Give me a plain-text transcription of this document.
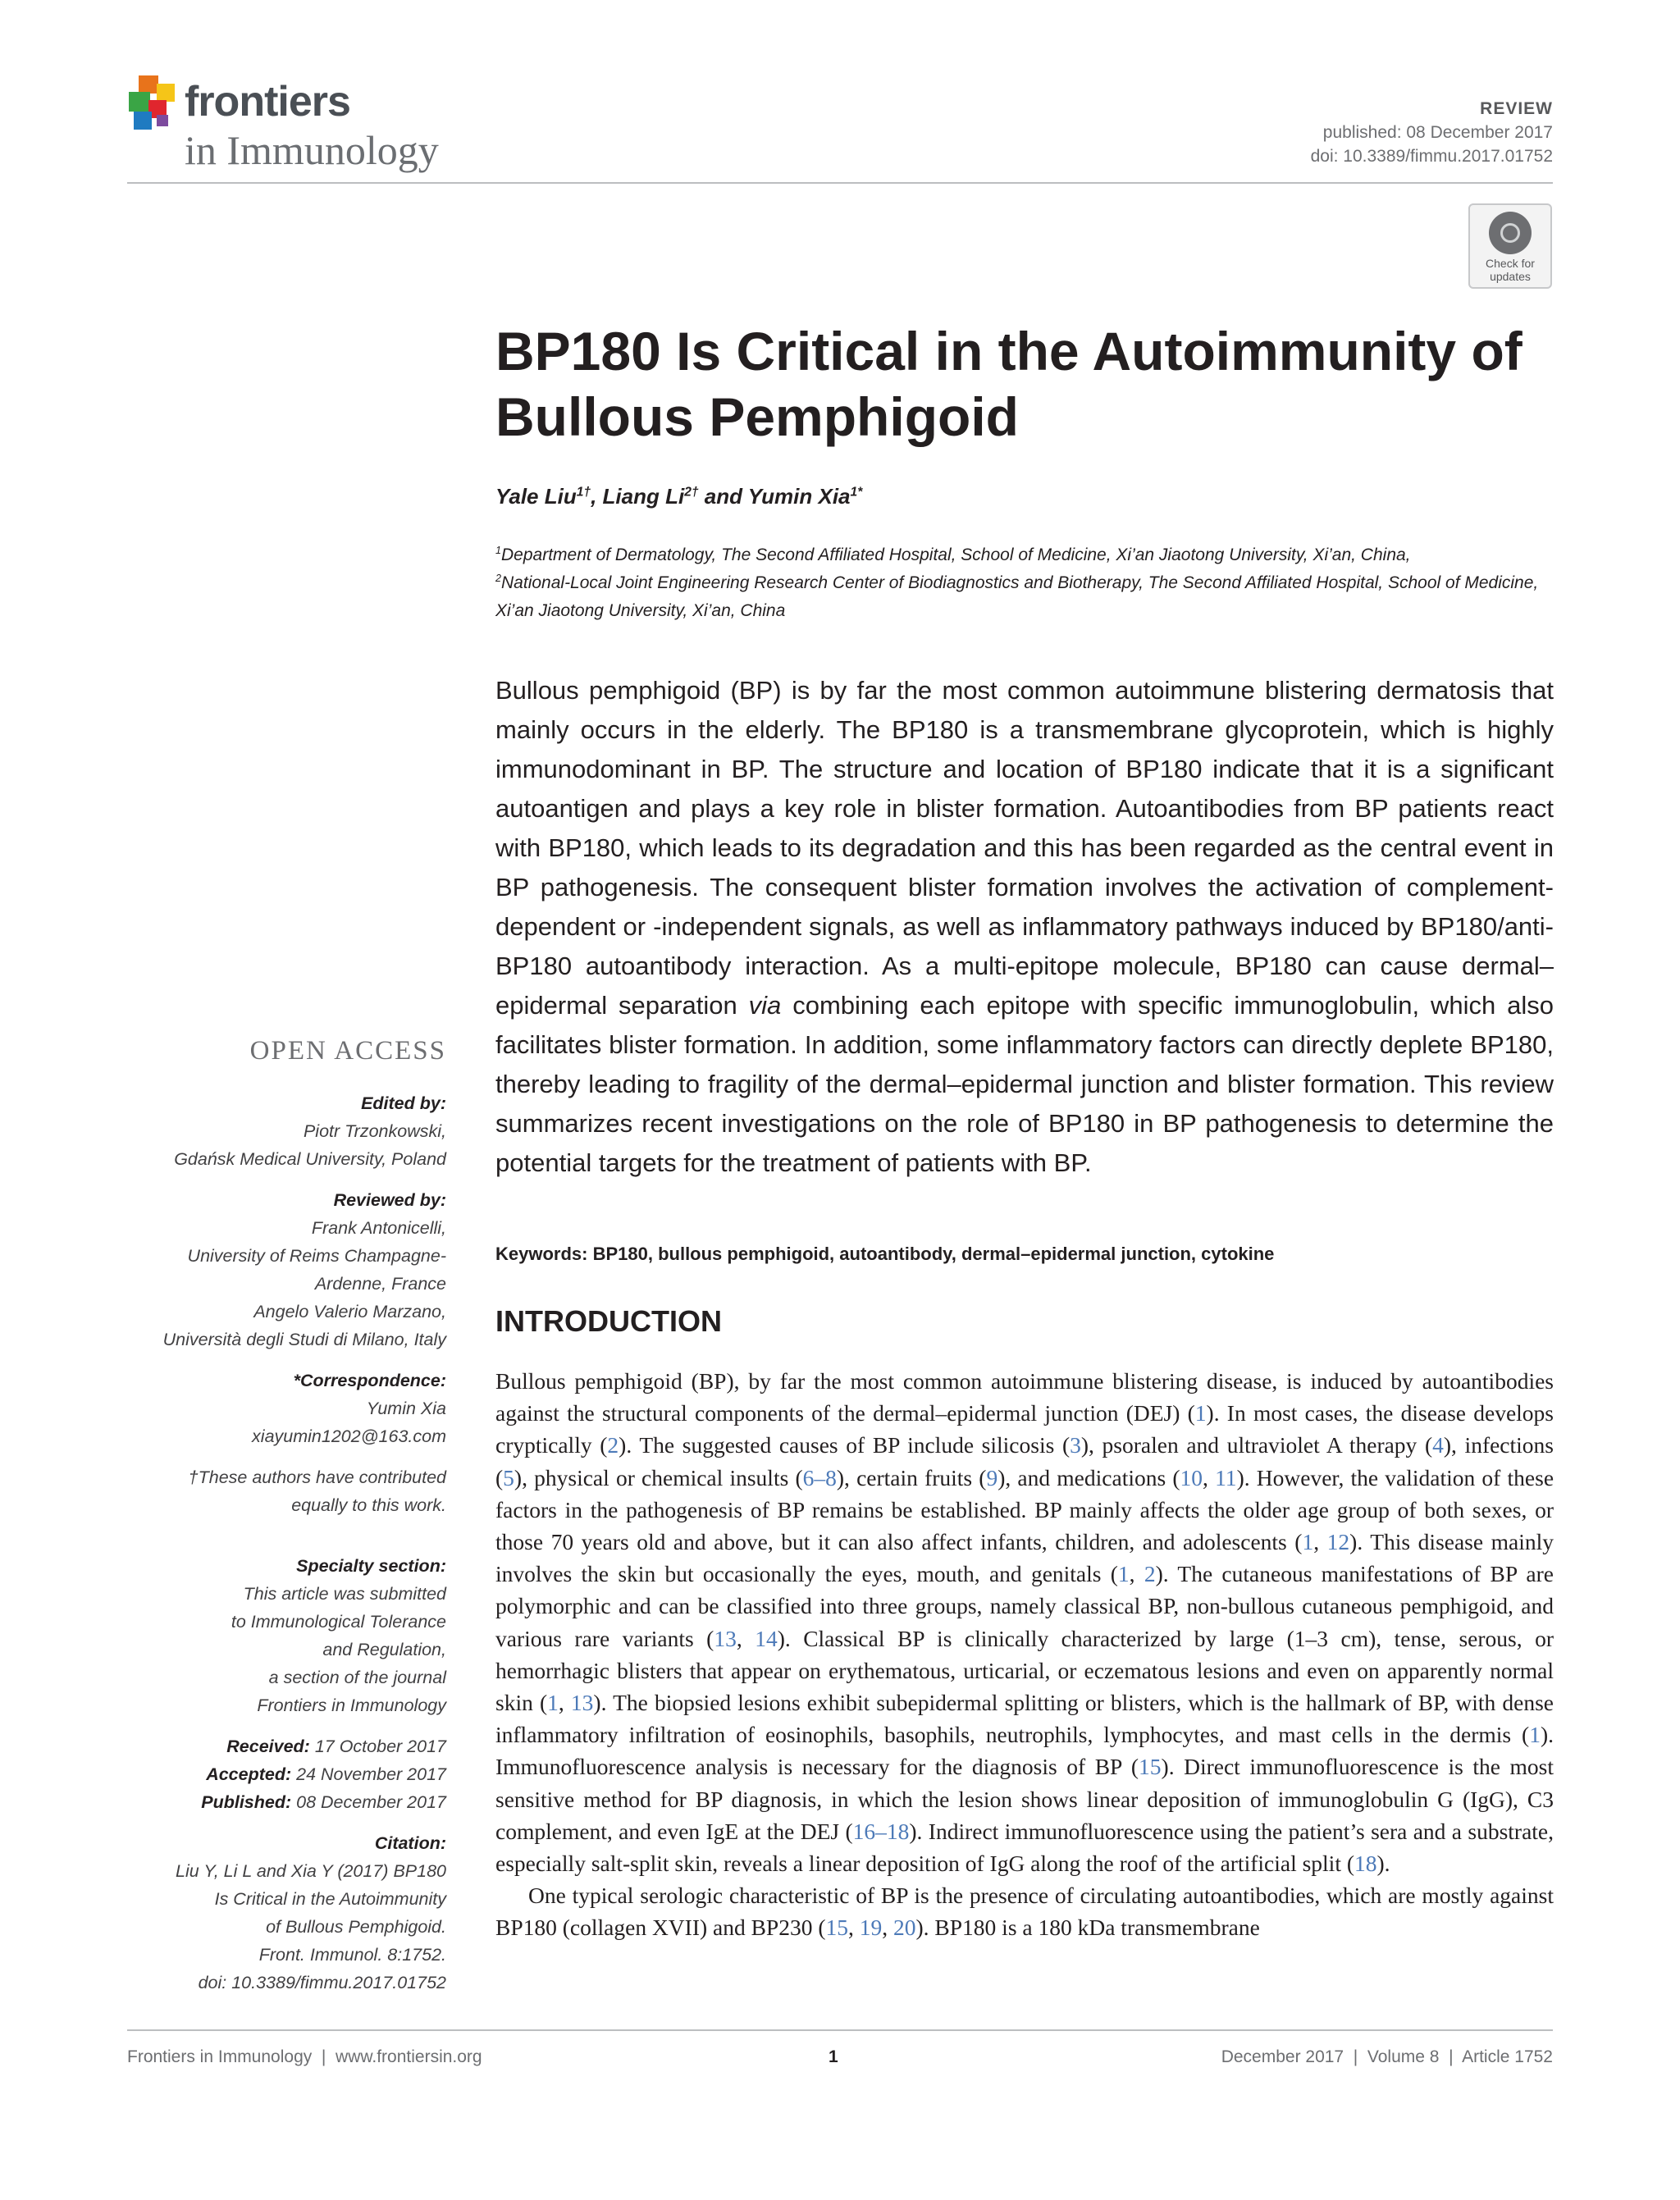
frontiers
in Immunology
REVIEW
published: 08 December 2017
doi: 10.3389/fimmu.2017.01752
Check for
updates
BP180 Is Critical in the Autoimmunity of Bullous Pemphigoid
Yale Liu$^{1\dagger}$, Liang $Li^{2\dagger}$ and Yumin Xia$^{1*}$
$^1$Department of Dermatology, The Second Affiliated Hospital, School of Medicine, Xi’an Jiaotong University, Xi’an, China,
$^2$National-Local Joint Engineering Research Center of Biodiagnostics and Biotherapy, The Second Affiliated Hospital, School of Medicine, Xi’an Jiaotong University, Xi’an, China
Bullous pemphigoid (BP) is by far the most common autoimmune blistering dermatosis that mainly occurs in the elderly. The BP180 is a transmembrane glycoprotein, which is highly immunodominant in BP. The structure and location of BP180 indicate that it is a significant autoantigen and plays a key role in blister formation. Autoantibodies from BP patients react with BP180, which leads to its degradation and this has been regarded as the central event in BP pathogenesis. The consequent blister formation involves the activation of complement-dependent or -independent signals, as well as inflammatory pathways induced by BP180/anti-BP180 autoantibody interaction. As a multi-epitope molecule, BP180 can cause dermal–epidermal separation via combining each epitope with specific immunoglobulin, which also facilitates blister formation. In addition, some inflammatory factors can directly deplete BP180, thereby leading to fragility of the dermal–epidermal junction and blister formation. This review summarizes recent investigations on the role of BP180 in BP pathogenesis to determine the potential targets for the treatment of patients with BP.
Keywords: BP180, bullous pemphigoid, autoantibody, dermal–epidermal junction, cytokine
INTRODUCTION

Bullous pemphigoid (BP), by far the most common autoimmune blistering disease, is induced by autoantibodies against the structural components of the dermal–epidermal junction (DEJ) (1). In most cases, the disease develops cryptically (2). The suggested causes of BP include silicosis (3), psoralen and ultraviolet A therapy (4), infections (5), physical or chemical insults (6–8), certain fruits (9), and medications (10, 11). However, the validation of these factors in the pathogenesis of BP remains be established. BP mainly affects the older age group of both sexes, or those 70 years old and above, but it can also affect infants, children, and adolescents (1, 12). This disease mainly involves the skin but occasionally the eyes, mouth, and genitals (1, 2). The cutaneous manifestations of BP are polymorphic and can be classified into three groups, namely classical BP, non-bullous cutaneous pemphigoid, and various rare variants (13, 14). Classical BP is clinically characterized by large (1–3 cm), tense, serous, or hemorrhagic blisters that appear on erythematous, urticarial, or eczematous lesions and even on apparently normal skin (1, 13). The biopsied lesions exhibit subepidermal splitting or blisters, which is the hallmark of BP, with dense inflammatory infiltration of eosinophils, basophils, neutrophils, lymphocytes, and mast cells in the dermis (1). Immunofluorescence analysis is necessary for the diagnosis of BP (15). Direct immunofluorescence is the most sensitive method for BP diagnosis, in which the lesion shows linear deposition of immunoglobulin G (IgG), C3 complement, and even IgE at the DEJ (16–18). Indirect immunofluorescence using the patient’s sera and a substrate, especially salt-split skin, reveals a linear deposition of IgG along the roof of the artificial split (18).

One typical serologic characteristic of BP is the presence of circulating autoantibodies, which are mostly against BP180 (collagen XVII) and BP230 (15, 19, 20). BP180 is a 180 kDa transmembrane

OPEN ACCESS
Edited by:
Piotr Trzonkowski,
Gdańsk Medical University, Poland
Reviewed by:
Frank Antonicelli,
University of Reims Champagne-
Ardenne, France
Angelo Valerio Marzano,
Università degli Studi di Milano, Italy
*Correspondence:
Yumin Xia
xiayumin1202@163.com
†These authors have contributed
equally to this work.
Specialty section:
This article was submitted
to Immunological Tolerance
and Regulation,
a section of the journal
Frontiers in Immunology
Received: 17 October 2017
Accepted: 24 November 2017
Published: 08 December 2017
Citation:
Liu Y, Li L and Xia Y (2017) BP180
Is Critical in the Autoimmunity
of Bullous Pemphigoid.
Front. Immunol. 8:1752.
doi: 10.3389/fimmu.2017.01752
Frontiers in Immunology  |  www.frontiersin.org	1	December 2017  |  Volume 8  |  Article 1752
